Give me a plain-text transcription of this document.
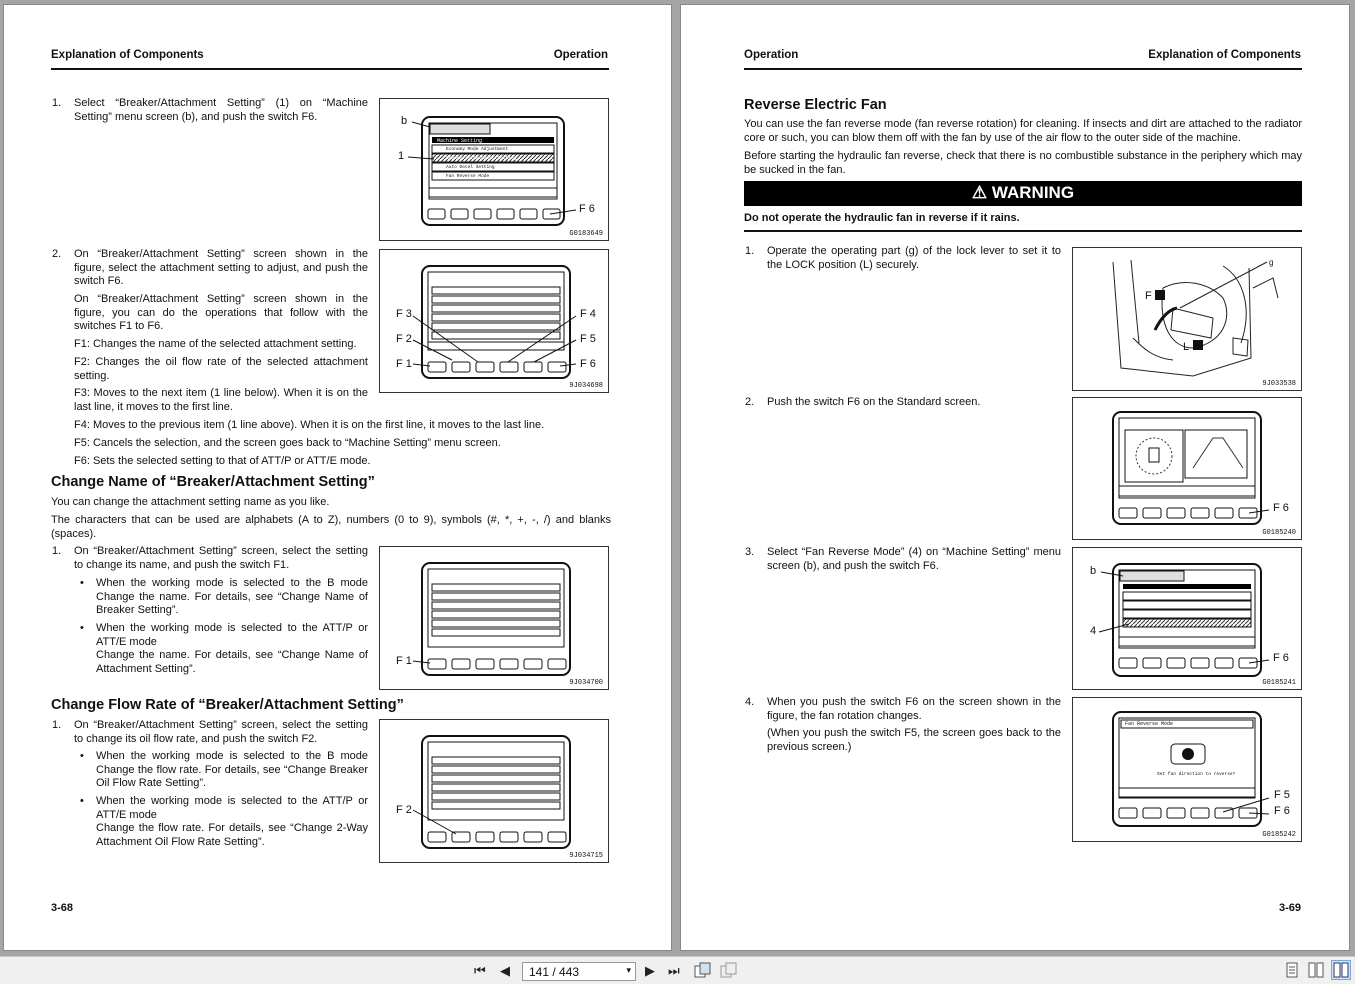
Explanation of Components	Operation
1. Select “Breaker/Attachment Setting” (1) on “Machine Setting” menu screen (b), and push the switch F6.	b
1
F 6
Machine Setting
Economy Mode Adjustment
Breaker/Attachment Setting
Auto Decel Setting
Fan Reverse Mode
G0183649
2. On “Breaker/Attachment Setting” screen shown in the figure, select the attachment setting to adjust, and push the switch F6.
On “Breaker/Attachment Setting” screen shown in the figure, you can do the operations that follow with the switches F1 to F6.
F1: Changes the name of the selected attachment setting.
F2: Changes the oil flow rate of the selected attachment setting.
F3: Moves to the next item (1 line below). When it is on the last line, it moves to the first line.
F4: Moves to the previous item (1 line above). When it is on the first line, it moves to the last line.
F5: Cancels the selection, and the screen goes back to “Machine Setting” menu screen.
F6: Sets the selected setting to that of ATT/P or ATT/E mode.
F 3
F 2
F 1
F 4
F 5
F 6
9J034698
Change Name of “Breaker/Attachment Setting”
You can change the attachment setting name as you like.
The characters that can be used are alphabets (A to Z), numbers (0 to 9), symbols (#, *, +, -, /) and blanks (spaces).
1. On “Breaker/Attachment Setting” screen, select the setting to change its name, and push the switch F1.
• When the working mode is selected to the B mode Change the name. For details, see “Change Name of Breaker Setting”.
• When the working mode is selected to the ATT/P or ATT/E mode
Change the name. For details, see “Change Name of Attachment Setting”.
F 1
9J034700
Change Flow Rate of “Breaker/Attachment Setting”
1. On “Breaker/Attachment Setting” screen, select the setting to change its oil flow rate, and push the switch F2.
• When the working mode is selected to the B mode Change the flow rate. For details, see “Change Breaker Oil Flow Rate Setting”.
• When the working mode is selected to the ATT/P or ATT/E mode
Change the flow rate. For details, see “Change 2-Way Attachment Oil Flow Rate Setting”.
F 2
9J034715
3-68
Operation	Explanation of Components
Reverse Electric Fan
You can use the fan reverse mode (fan reverse rotation) for cleaning. If insects and dirt are attached to the radiator core or such, you can blow them off with the fan by use of the air flow to the outer side of the machine.
Before starting the hydraulic fan reverse, check that there is no combustible substance in the periphery which may be sucked in the fan.
⚠ WARNING
Do not operate the hydraulic fan in reverse if it rains.
1. Operate the operating part (g) of the lock lever to set it to the LOCK position (L) securely.	g
F
L
9J033538
2. Push the switch F6 on the Standard screen.
F 6
G0185240
3. Select “Fan Reverse Mode” (4) on “Machine Setting” menu screen (b), and push the switch F6.	b
4
F 6
G0185241
4. When you push the switch F6 on the screen shown in the figure, the fan rotation changes.
(When you push the switch F5, the screen goes back to the previous screen.)
Fan Reverse Mode
Set fan direction to reverse?
F 5
F 6
G0185242
3-69
⏮ ◀	141 / 443	▾ ▶ ⏭
